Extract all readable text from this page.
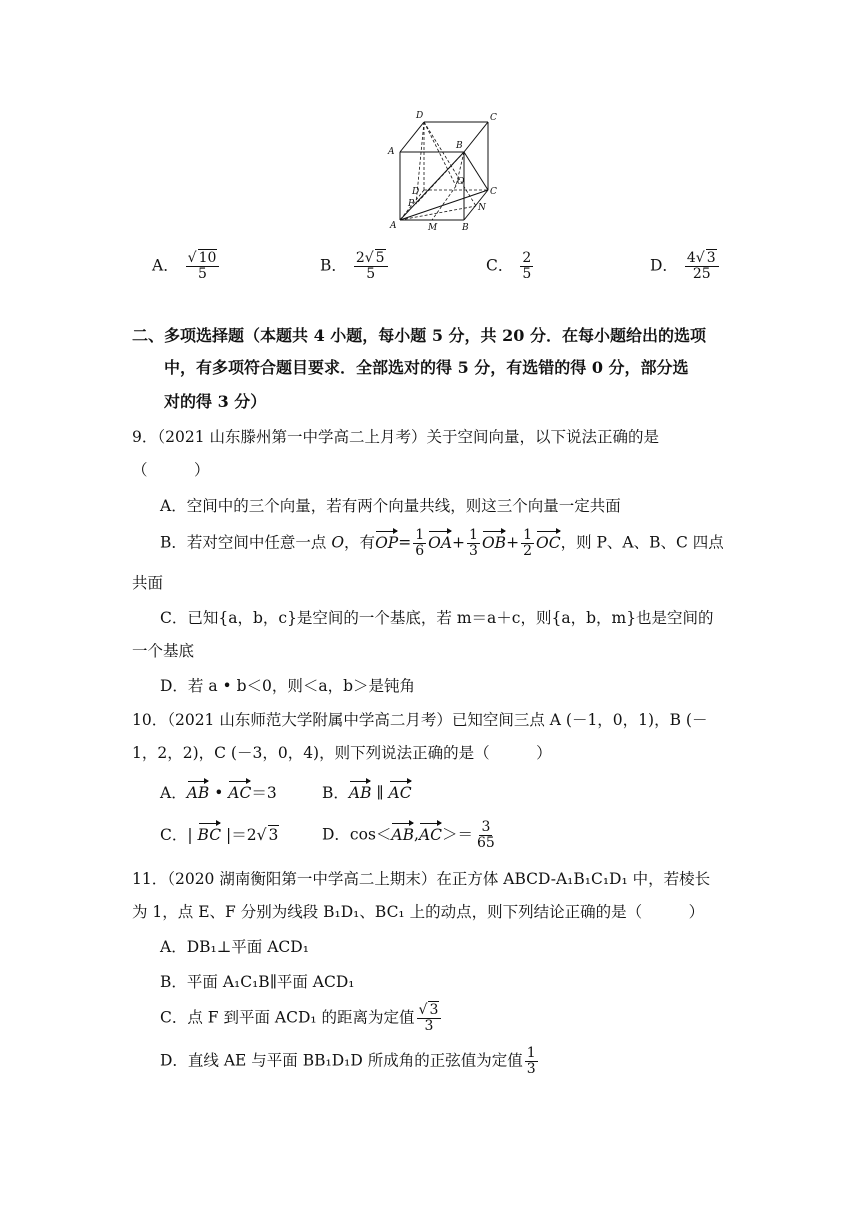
D	C
A
B
D
O
P
C
N
A	M	B
A． $\frac{√ 10}{5}$	B． $\frac{2√ 5}{5}$	C． $\frac{2}{5}$	D． $\frac{4√ 3}{25}$
二、多项选择题（本题共 4 小题，每小题 5 分，共 20 分．在每小题给出的选项
中，有多项符合题目要求．全部选对的得 5 分，有选错的得 0 分，部分选
对的得 3 分）
9．（2021 山东滕州第一中学高二上月考）关于空间向量，以下说法正确的是
（　　　）
A．空间中的三个向量，若有两个向量共线，则这三个向量一定共面
B．若对空间中任意一点 O，有$OP= \frac{1}{6} OA+ \frac{1}{3} OB+ \frac{1}{2}$ OC，则 P、A、B、C 四点
共面
C．已知{a，b，c}是空间的一个基底，若 m＝a＋c，则{a，b，m}也是空间的
一个基底
D．若 a • b＜0，则＜a，b＞是钝角
10．（2021 山东师范大学附属中学高二月考）已知空间三点 A (－1，0，1)，B (－
1，2，2)，C (－3，0，4)，则下列说法正确的是（　　　）
A．AB • AC＝3	B．AB ∥ AC
C．| BC |＝2√ 3	D．$\cos<AB,AC>= \frac{3}{65}$
11．（2020 湖南衡阳第一中学高二上期末）在正方体 ABCD-A₁B₁C₁D₁ 中，若棱长
为 1，点 E、F 分别为线段 B₁D₁、BC₁ 上的动点，则下列结论正确的是（　　　）
A．DB₁⊥平面 ACD₁
B．平面 A₁C₁B∥平面 ACD₁
C．点 F 到平面 ACD₁ 的距离为定值 $\frac{√ 3}{3}$
D．直线 AE 与平面 BB₁D₁D 所成角的正弦值为定值 $\frac{1}{3}$
